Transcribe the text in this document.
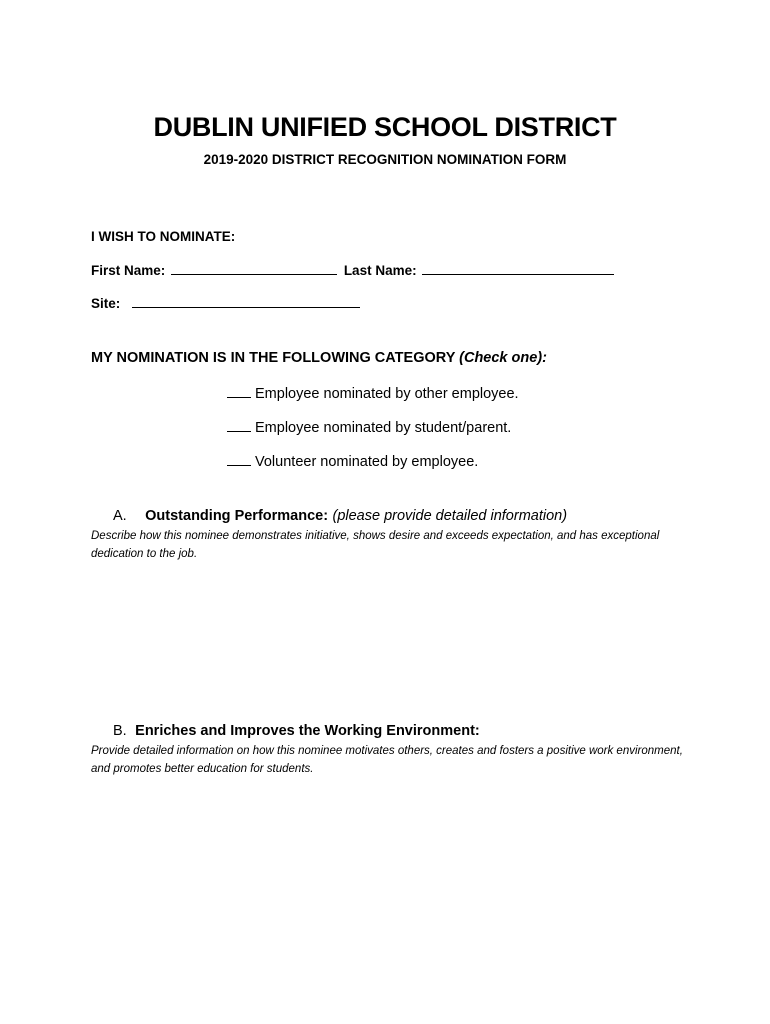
DUBLIN UNIFIED SCHOOL DISTRICT
2019-2020 DISTRICT RECOGNITION NOMINATION FORM
I WISH TO NOMINATE:
First Name:	Last Name:
Site:
MY NOMINATION IS IN THE FOLLOWING CATEGORY (Check one):
Employee nominated by other employee.
Employee nominated by student/parent.
Volunteer nominated by employee.
A. Outstanding Performance: (please provide detailed information)
Describe how this nominee demonstrates initiative, shows desire and exceeds expectation, and has exceptional dedication to the job.
B. Enriches and Improves the Working Environment:
Provide detailed information on how this nominee motivates others, creates and fosters a positive work environment, and promotes better education for students.
